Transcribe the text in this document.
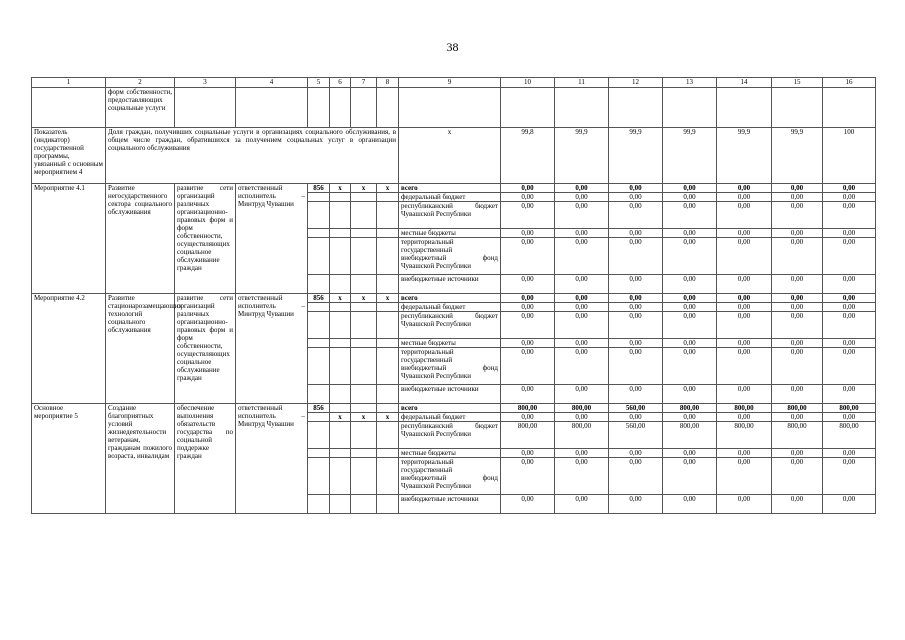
38
1	2	3	4	5	6	7	8	9	10	11	12	13	14	15	16
	форм собственности, предоставляющих социальные услуги														
Показатель (индикатор) государственной программы, увязанный с основным мероприятием 4	Доля граждан, получивших социальные услуги в организациях социального обслуживания, в общем числе граждан, обратившихся за получением социальных услуг в организации социального обслуживания							х	99,8	99,9	99,9	99,9	99,9	99,9	100
Мероприятие 4.1	Развитие негосударственного сектора социального обслуживания	развитие сети организаций различных организационно-правовых форм и форм собственности, осуществляющих социальное обслуживание граждан	ответственный исполнитель – Минтруд Чувашии	856	х	х	х	всего	0,00	0,00	0,00	0,00	0,00	0,00	0,00
								федеральный бюджет	0,00	0,00	0,00	0,00	0,00	0,00	0,00
								республиканский бюджет Чувашской Республики	0,00	0,00	0,00	0,00	0,00	0,00	0,00
								местные бюджеты	0,00	0,00	0,00	0,00	0,00	0,00	0,00
								территориальный государственный внебюджетный фонд Чувашской Республики	0,00	0,00	0,00	0,00	0,00	0,00	0,00
								внебюджетные источники	0,00	0,00	0,00	0,00	0,00	0,00	0,00
Мероприятие 4.2	Развитие стационарозамещающих технологий социального обслуживания	развитие сети организаций различных организационно-правовых форм и форм собственности, осуществляющих социальное обслуживание граждан	ответственный исполнитель – Минтруд Чувашии	856	х	х	х	всего	0,00	0,00	0,00	0,00	0,00	0,00	0,00
								федеральный бюджет	0,00	0,00	0,00	0,00	0,00	0,00	0,00
								республиканский бюджет Чувашской Республики	0,00	0,00	0,00	0,00	0,00	0,00	0,00
								местные бюджеты	0,00	0,00	0,00	0,00	0,00	0,00	0,00
								территориальный государственный внебюджетный фонд Чувашской Республики	0,00	0,00	0,00	0,00	0,00	0,00	0,00
								внебюджетные источники	0,00	0,00	0,00	0,00	0,00	0,00	0,00
Основное мероприятие 5	Создание благоприятных условий жизнедеятельности ветеранам, гражданам пожилого возраста, инвалидам	обеспечение выполнения обязательств государства по социальной поддержке граждан	ответственный исполнитель – Минтруд Чувашии	856				всего	800,00	800,00	560,00	800,00	800,00	800,00	800,00
					х	х	х	федеральный бюджет	0,00	0,00	0,00	0,00	0,00	0,00	0,00
								республиканский бюджет Чувашской Республики	800,00	800,00	560,00	800,00	800,00	800,00	800,00
								местные бюджеты	0,00	0,00	0,00	0,00	0,00	0,00	0,00
								территориальный государственный внебюджетный фонд Чувашской Республики	0,00	0,00	0,00	0,00	0,00	0,00	0,00
								внебюджетные источники	0,00	0,00	0,00	0,00	0,00	0,00	0,00
